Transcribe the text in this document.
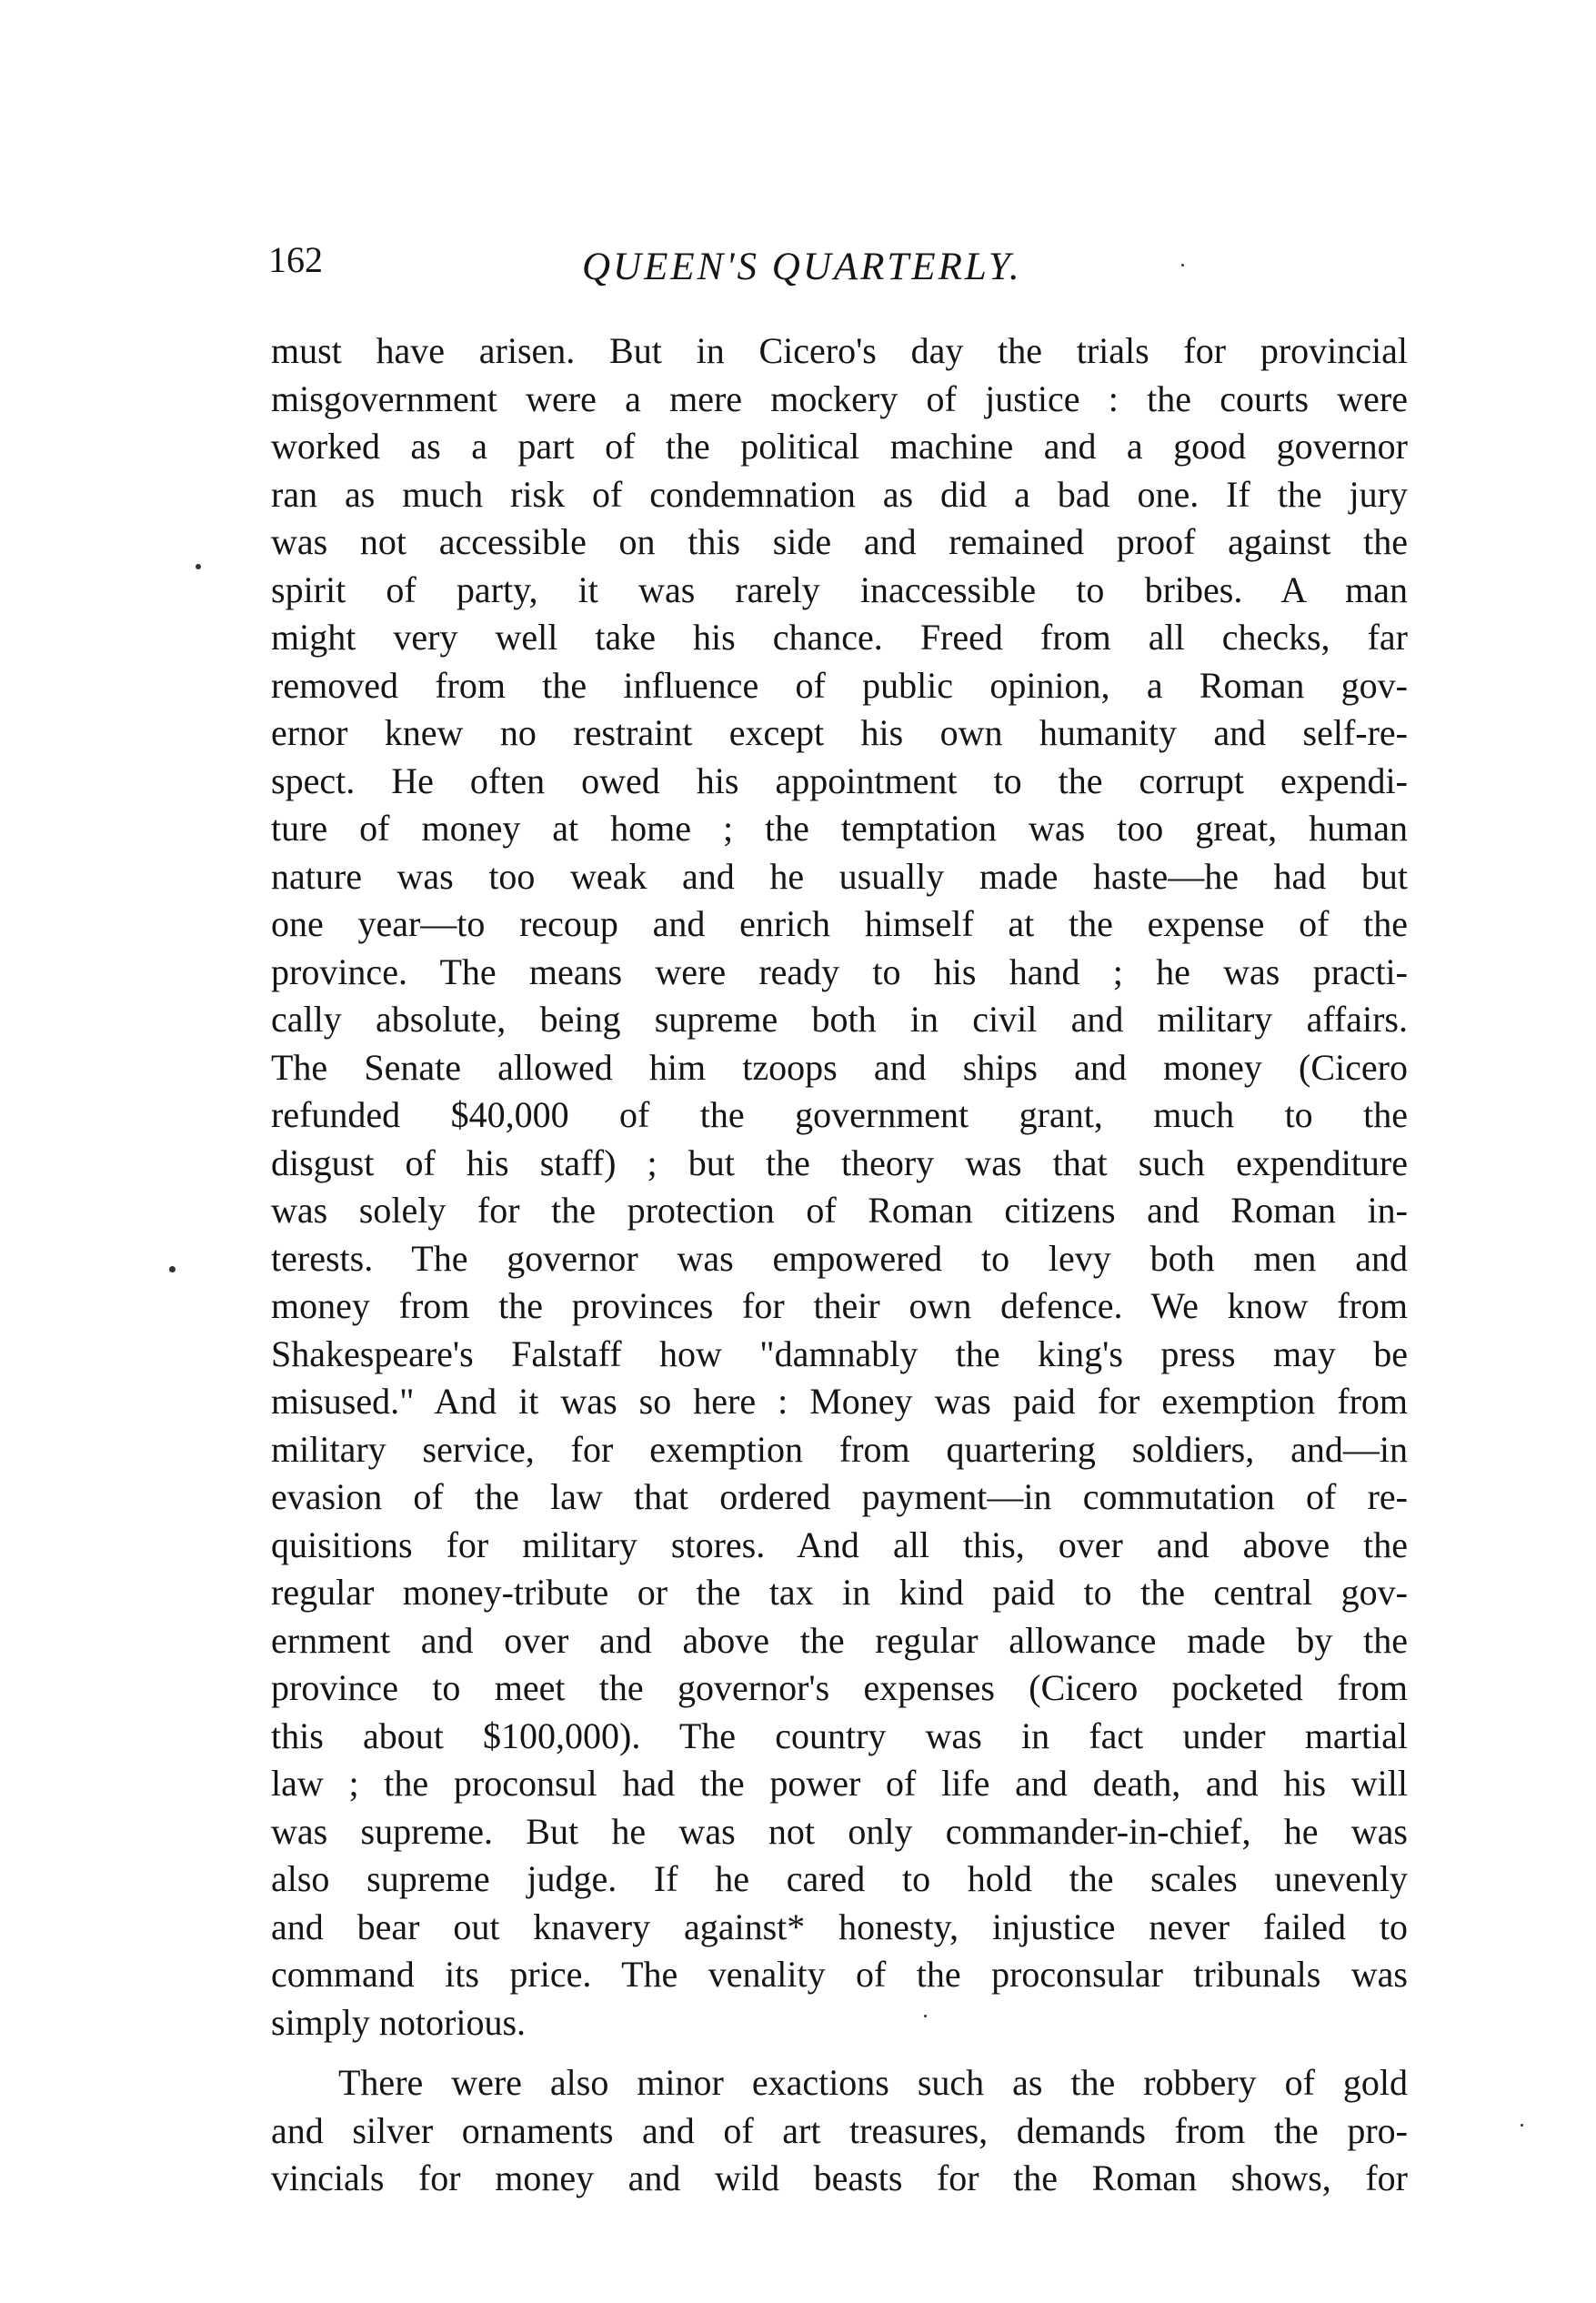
162	QUEEN'S QUARTERLY.
must have arisen. But in Cicero's day the trials for provincial
misgovernment were a mere mockery of justice : the courts were
worked as a part of the political machine and a good governor
ran as much risk of condemnation as did a bad one. If the jury
was not accessible on this side and remained proof against the
spirit of party, it was rarely inaccessible to bribes. A man
might very well take his chance. Freed from all checks, far
removed from the influence of public opinion, a Roman gov-
ernor knew no restraint except his own humanity and self-re-
spect. He often owed his appointment to the corrupt expendi-
ture of money at home ; the temptation was too great, human
nature was too weak and he usually made haste—he had but
one year—to recoup and enrich himself at the expense of the
province. The means were ready to his hand ; he was practi-
cally absolute, being supreme both in civil and military affairs.
The Senate allowed him tzoops and ships and money (Cicero
refunded $40,000 of the government grant, much to the
disgust of his staff) ; but the theory was that such expenditure
was solely for the protection of Roman citizens and Roman in-
terests. The governor was empowered to levy both men and
money from the provinces for their own defence. We know from
Shakespeare's Falstaff how "damnably the king's press may be
misused." And it was so here : Money was paid for exemption from
military service, for exemption from quartering soldiers, and—in
evasion of the law that ordered payment—in commutation of re-
quisitions for military stores. And all this, over and above the
regular money-tribute or the tax in kind paid to the central gov-
ernment and over and above the regular allowance made by the
province to meet the governor's expenses (Cicero pocketed from
this about $100,000). The country was in fact under martial
law ; the proconsul had the power of life and death, and his will
was supreme. But he was not only commander-in-chief, he was
also supreme judge. If he cared to hold the scales unevenly
and bear out knavery against* honesty, injustice never failed to
command its price. The venality of the proconsular tribunals was
simply notorious.
There were also minor exactions such as the robbery of gold
and silver ornaments and of art treasures, demands from the pro-
vincials for money and wild beasts for the Roman shows, for
